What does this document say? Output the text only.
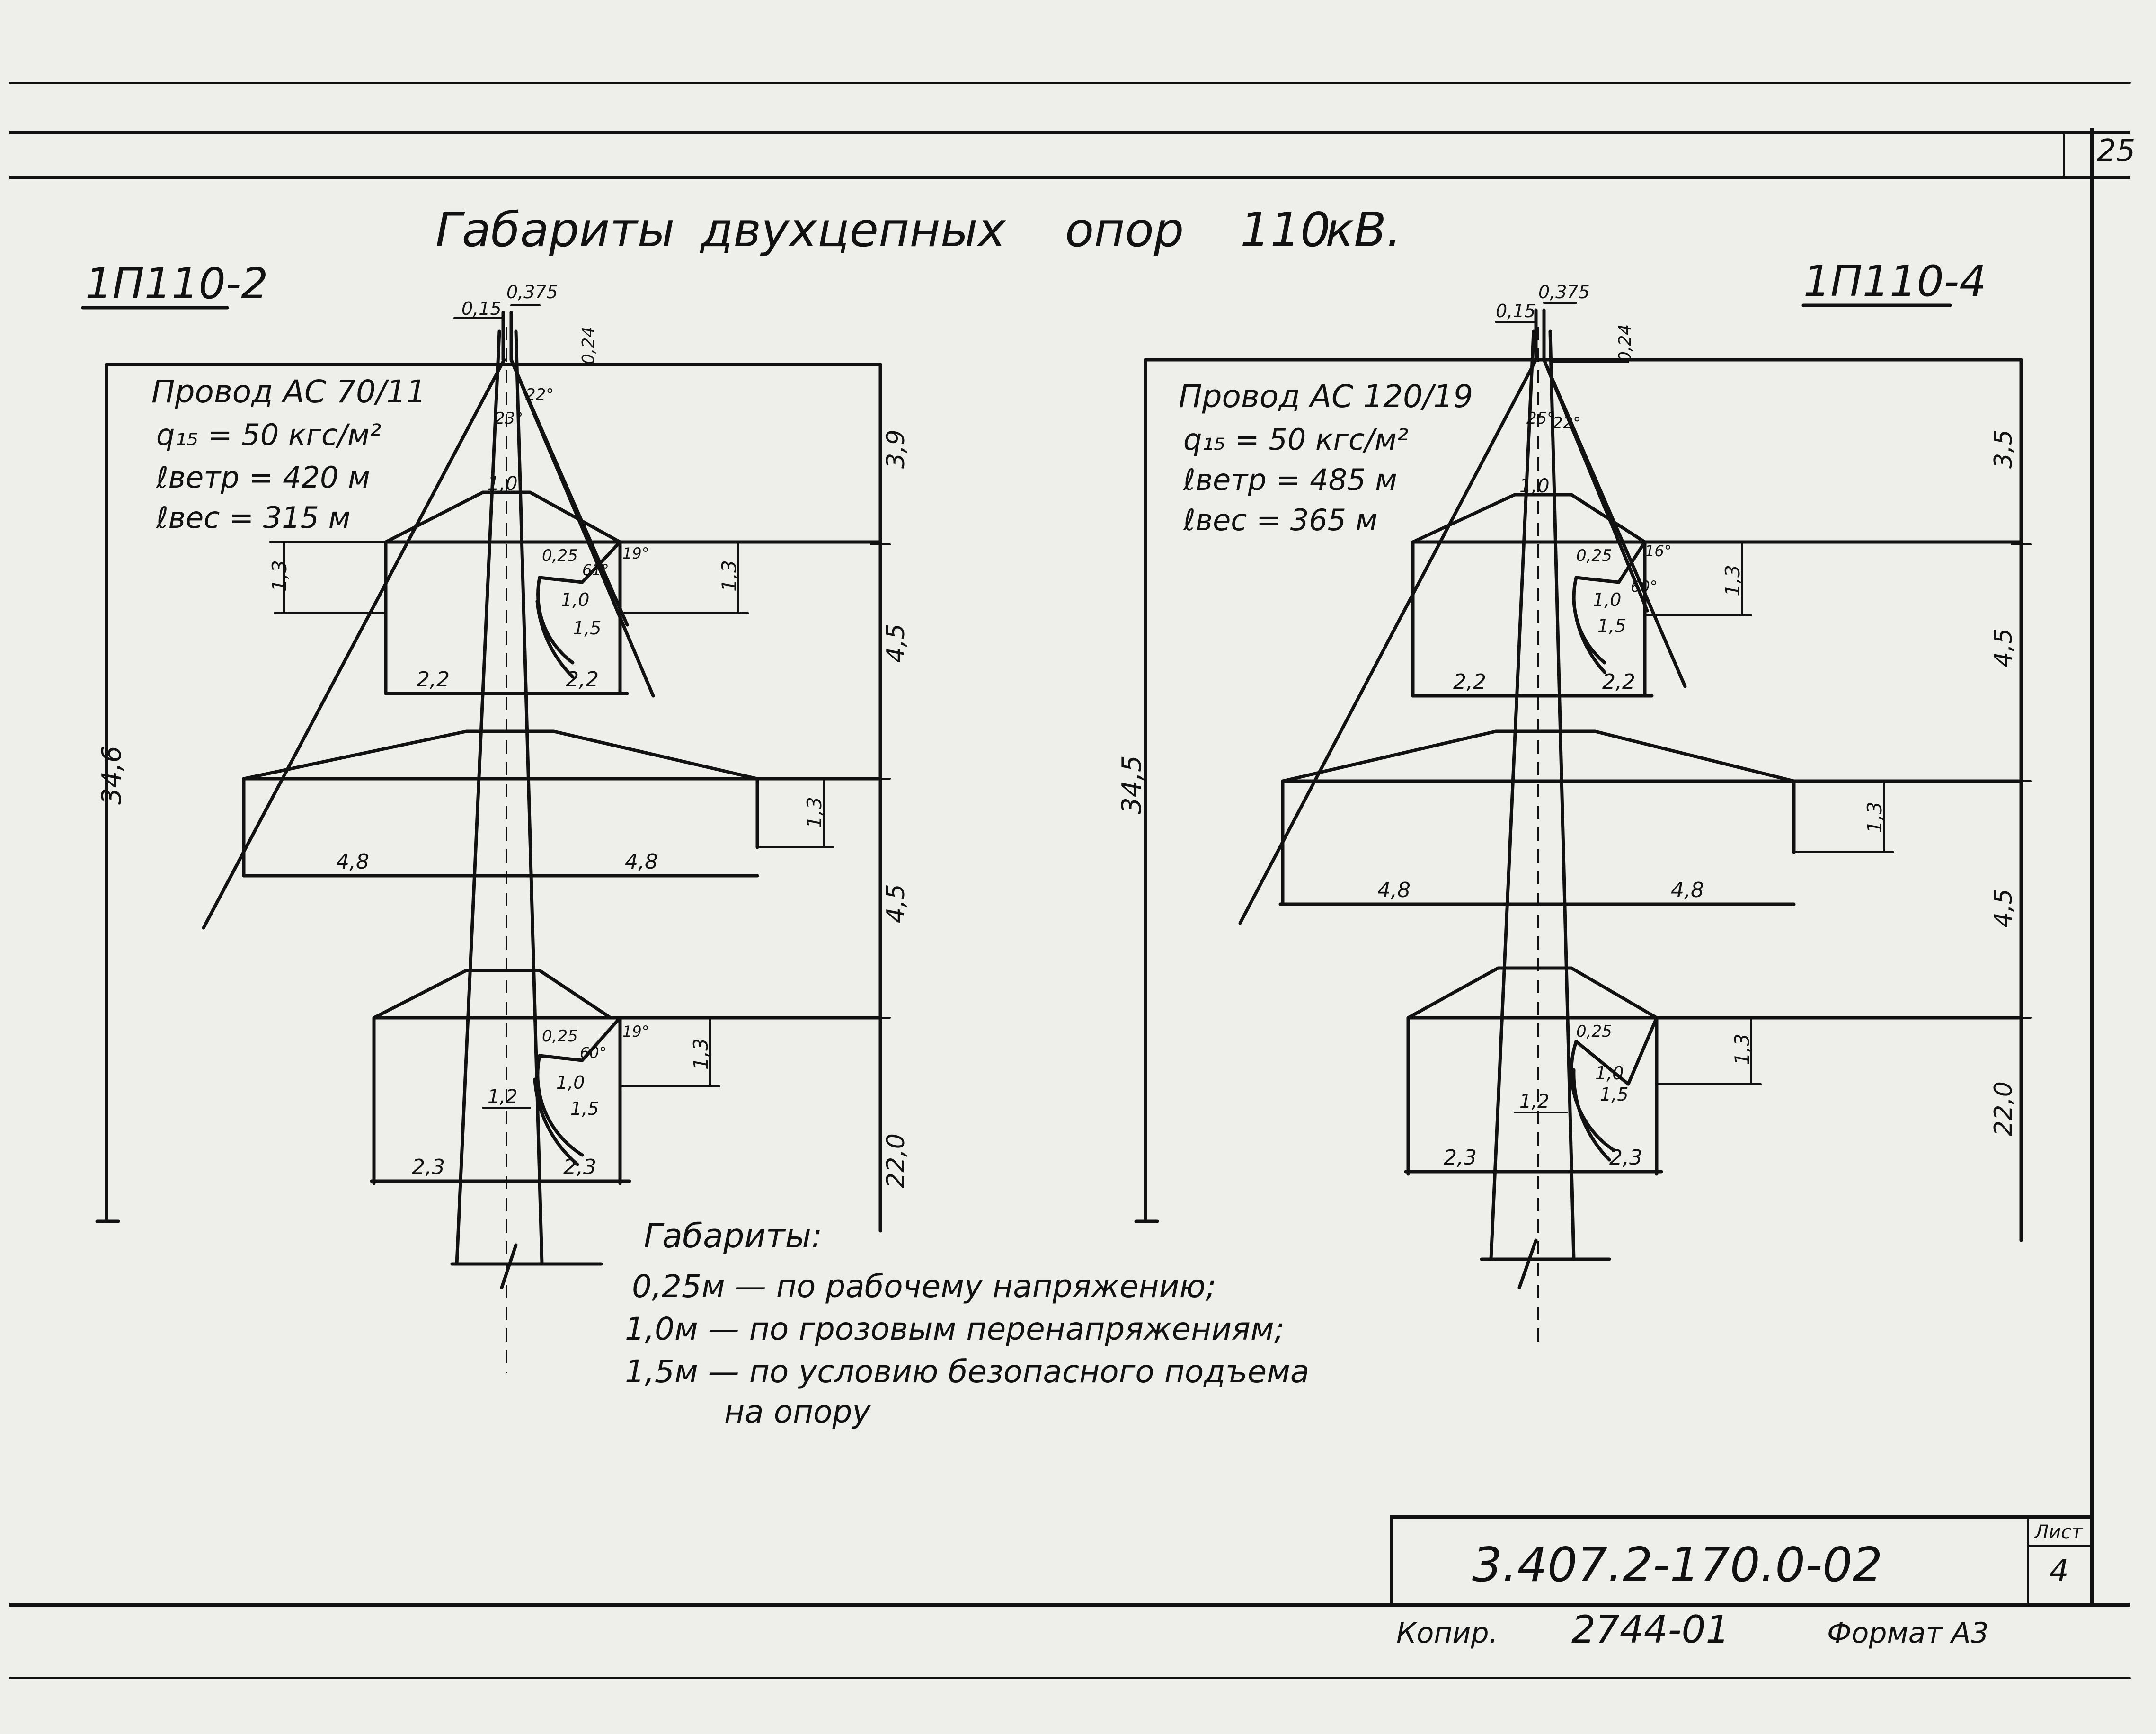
25
Габариты двухцепных опор 110
кВ.
1П110-2
Провод АС 70/11
q₁₅ = 50 кгс/м²
ℓветр = 420 м
ℓвес = 315 м
34,6
3,9
4,5
4,5
22,0
0,15
0,375
0,24
23°
22°
1,0
1,3	1,3
2,2	2,2
0,25
61°
19°
1,0
1,5
1,3
4,8	4,8
1,3
2,3	2,3
1,2
0,25
60°
19°
1,0
1,5
1П110-4
Провод АС 120/19
q₁₅ = 50 кгс/м²
ℓветр = 485 м
ℓвес = 365 м
34,5
3,5
4,5
4,5
22,0
0,15
0,375
0,24
25°
22°
1,0
1,3
2,2	2,2
0,25
60°
16°
1,0
1,5
1,3
4,8	4,8
1,3
2,3	2,3
1,2
0,25
1,0
1,5
Габариты:
0,25м — по рабочему напряжению;
1,0м — по грозовым перенапряжениям;
1,5м — по условию безопасного подъема
на опору
3.407.2-170.0-02
Лист
4
Копир. 2744-01	Формат А3
